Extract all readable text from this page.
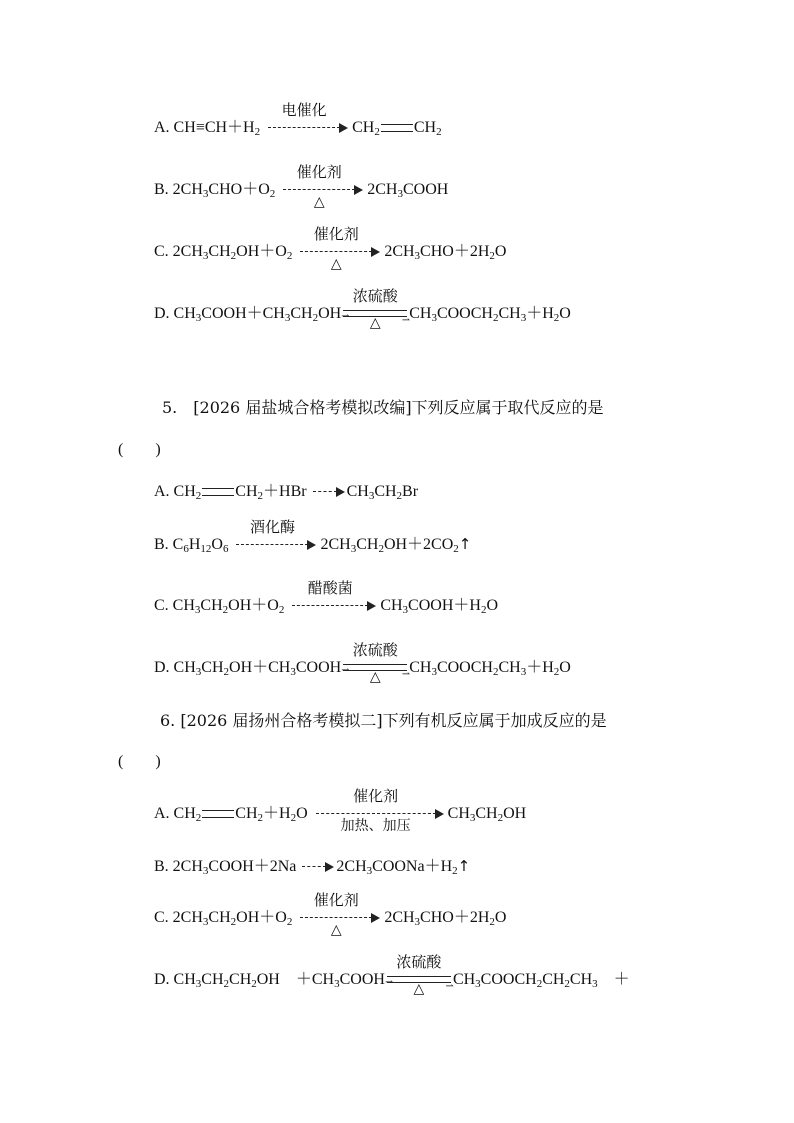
A. $CH\equiv CH+H_2$
电催化
$CH_2$ $CH_2$
B. $2CH_3CHO+O_2$
催化剂
△
$2CH_3COOH$
C. $2CH_3CH_2OH+O_2$
催化剂
△
$2CH_3CHO+2H_2O$
D. $CH_3COOH+CH_3CH_2OH$
浓硫酸
⇀	⇀
△
$CH_3COOCH_2CH_3+H_2O$
5.　[2026 届盐城合格考模拟改编]下列反应属于取代反应的是
(　　)
A. $CH_2$ $CH_2+HBr$	$CH_3CH_2Br$
B. $C_6H_{12}O_6$
酒化酶
$2CH_3CH_2OH+2CO_2↑$
C. $CH_3CH_2OH+O_2$
醋酸菌
$CH_3COOH+H_2O$
D. $CH_3CH_2OH+CH_3COOH$
浓硫酸
⇀	⇀
△
$CH_3COOCH_2CH_3+H_2O$
6. [2026 届扬州合格考模拟二]下列有机反应属于加成反应的是
(　　)
A. $CH_2$ $CH_2+H_2O$
催化剂
加热、加压
$CH_3CH_2OH$
B. $2CH_3COOH+2Na$	$2CH_3COONa+H_2↑$
C. $2CH_3CH_2OH+O_2$
催化剂
△
$2CH_3CHO+2H_2O$
D. $CH_3CH_2CH_2OH$　$+CH_3COOH$
浓硫酸
⇀	⇀
△
$CH_3COOCH_2CH_2CH_3$　＋
